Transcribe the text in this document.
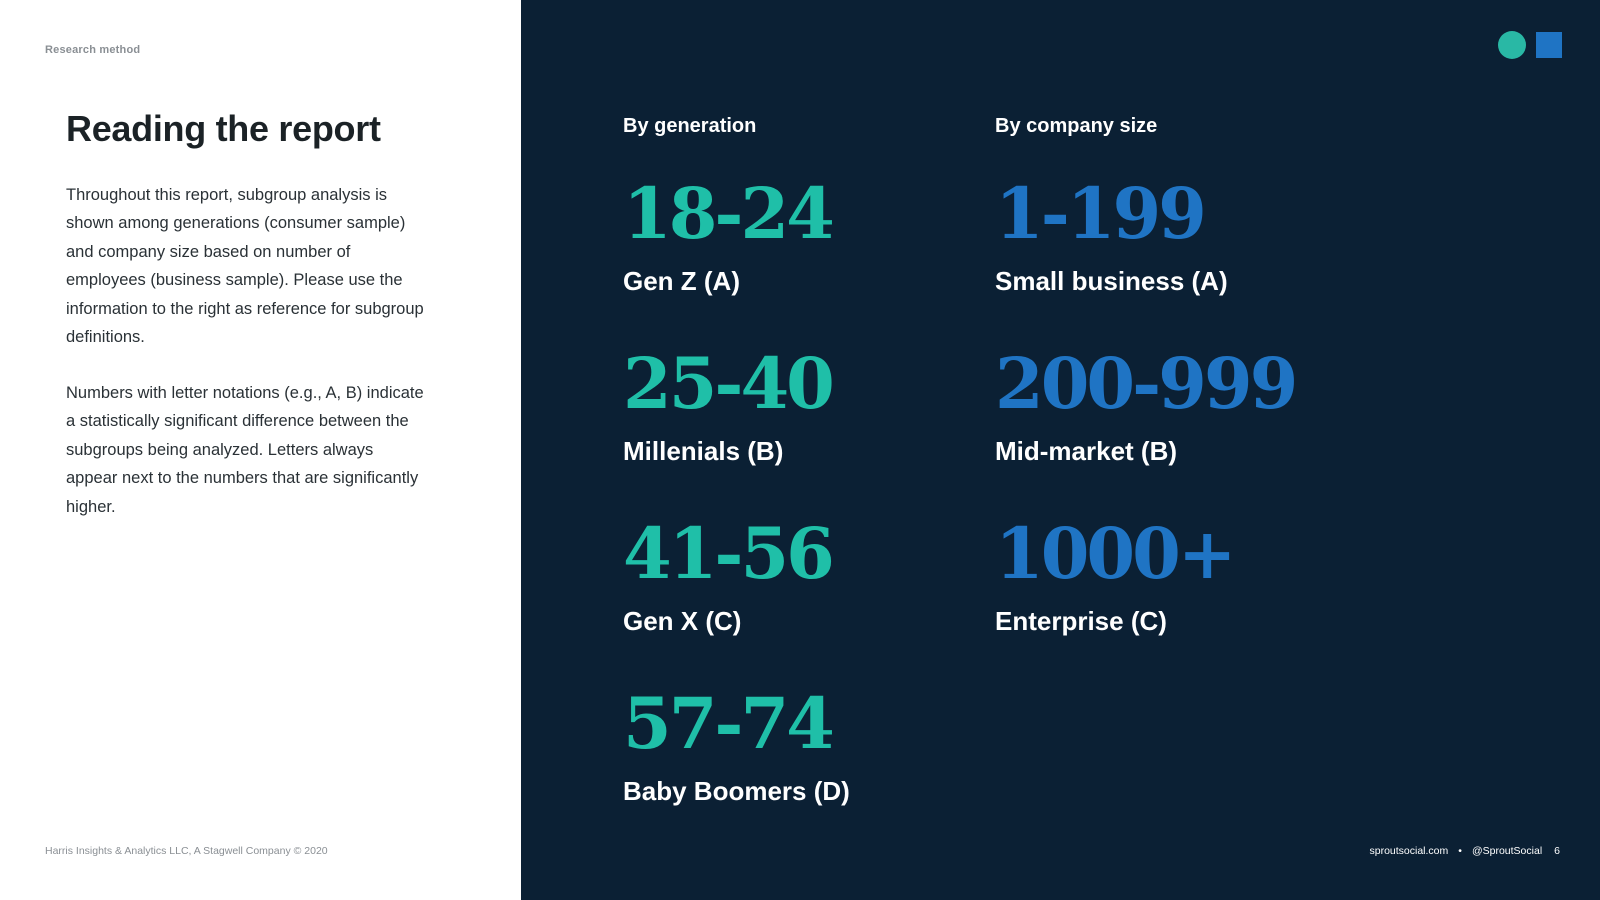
Research method
Reading the report

Throughout this report, subgroup analysis is shown among generations (consumer sample) and company size based on number of employees (business sample). Please use the information to the right as reference for subgroup definitions.

Numbers with letter notations (e.g., A, B) indicate a statistically significant difference between the subgroups being analyzed. Letters always appear next to the numbers that are significantly higher.

Harris Insights & Analytics LLC, A Stagwell Company © 2020
By generation
18-24
Gen Z (A)
25-40
Millenials (B)
41-56
Gen X (C)
57-74
Baby Boomers (D)
By company size
1-199
Small business (A)
200-999
Mid-market (B)
1000+
Enterprise (C)
sproutsocial.com • @SproutSocial 6
